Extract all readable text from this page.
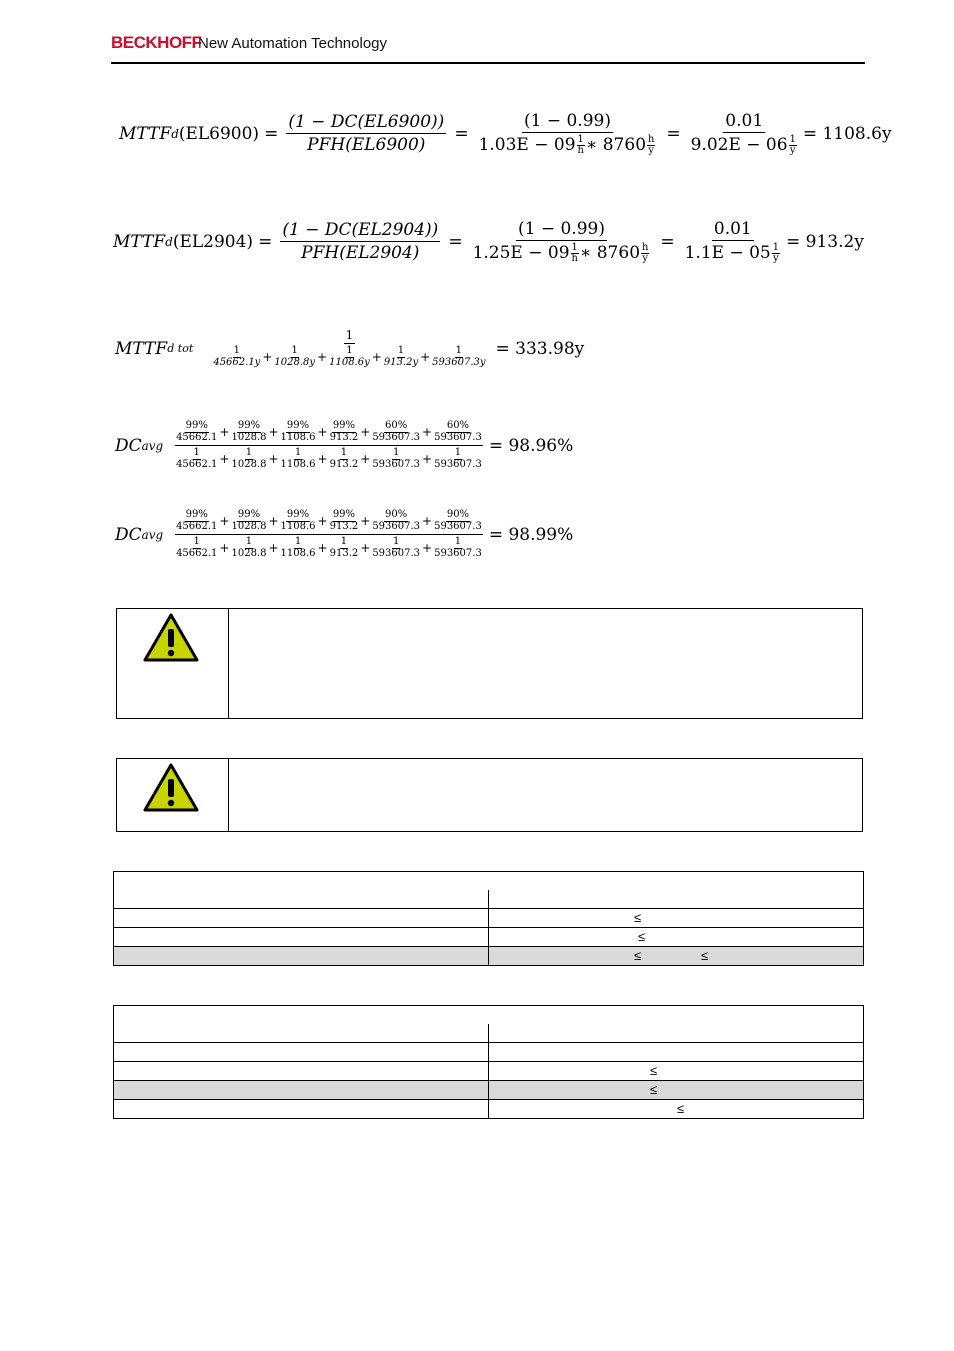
BECKHOFF
New Automation Technology
MTTF d $(EL6900) = \frac{(1 - DC(EL6900))}{\text{PFH(EL6900)}} = \frac{(1 - 0.99)}{1.03E - 09 \frac{1}{h} ∗ 8760 \frac{h}{y}} = \frac{0.01}{9.02E - 06 \frac{1}{y}} = 1108.6y$
MTTF d $(EL2904) = \frac{(1 - DC(EL2904))}{\text{PFH(EL2904)}} = \frac{(1 - 0.99)}{1.25E - 09 \frac{1}{h} ∗ 8760 \frac{h}{y}} = \frac{0.01}{1.1E - 05 \frac{1}{y}} = 913.2y$
MTTF d tot $\frac{1}{\frac{1}{45662.1y} + \frac{1}{1028.8y} + \frac{1}{1108.6y} + \frac{1}{913.2y} + \frac{1}{593607.3y}} = 333.98y$
DC avg
$\frac{99\%}{45662.1} + \frac{99\%}{1028.8} + \frac{99\%}{1108.6} + \frac{99\%}{913.2} + \frac{60\%}{593607.3} + \frac{60\%}{593607.3}$
$\frac{1}{45662.1} + \frac{1}{1028.8} + \frac{1}{1108.6} + \frac{1}{913.2} + \frac{1}{593607.3} + \frac{1}{593607.3}$
= 98.96%
DC avg
$\frac{99\%}{45662.1} + \frac{99\%}{1028.8} + \frac{99\%}{1108.6} + \frac{99\%}{913.2} + \frac{90\%}{593607.3} + \frac{90\%}{593607.3}$
$\frac{1}{45662.1} + \frac{1}{1028.8} + \frac{1}{1108.6} + \frac{1}{913.2} + \frac{1}{593607.3} + \frac{1}{593607.3}$
= 98.99%

	≤

	≤

	≤ ≤

	≤

	≤

	≤
